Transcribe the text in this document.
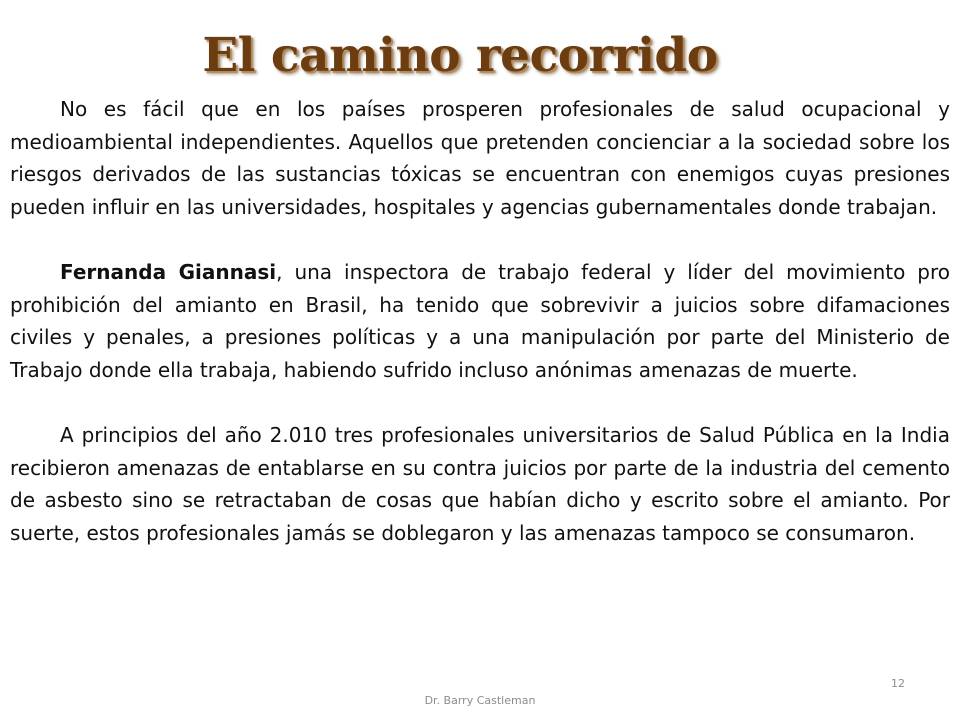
El camino recorrido

No es fácil que en los países prosperen profesionales de salud ocupacional y medioambiental independientes. Aquellos que pretenden concienciar a la sociedad sobre los riesgos derivados de las sustancias tóxicas se encuentran con enemigos cuyas presiones pueden influir en las universidades, hospitales y agencias gubernamentales donde trabajan.

Fernanda Giannasi, una inspectora de trabajo federal y líder del movimiento pro prohibición del amianto en Brasil, ha tenido que sobrevivir a juicios sobre difamaciones civiles y penales, a presiones políticas y a una manipulación por parte del Ministerio de Trabajo donde ella trabaja, habiendo sufrido incluso anónimas amenazas de muerte.

A principios del año 2.010 tres profesionales universitarios de Salud Pública en la India recibieron amenazas de entablarse en su contra juicios por parte de la industria del cemento de asbesto sino se retractaban de cosas que habían dicho y escrito sobre el amianto. Por suerte, estos profesionales jamás se doblegaron y las amenazas tampoco se consumaron.

12
Dr. Barry Castleman
